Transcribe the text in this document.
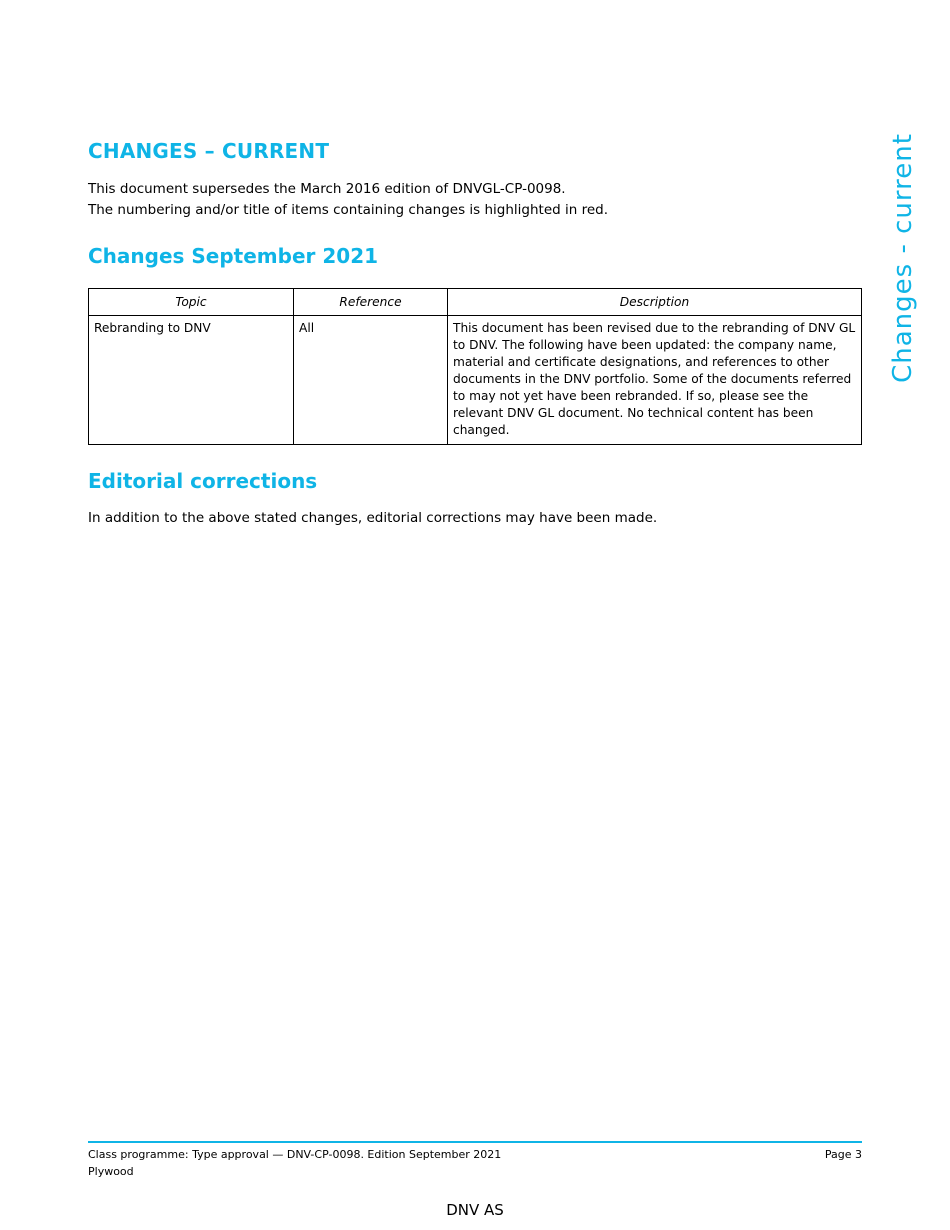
CHANGES – CURRENT
This document supersedes the March 2016 edition of DNVGL-CP-0098.
The numbering and/or title of items containing changes is highlighted in red.
Changes September 2021
Topic	Reference	Description
Rebranding to DNV	All	This document has been revised due to the rebranding of DNV GL to DNV. The following have been updated: the company name, material and certificate designations, and references to other documents in the DNV portfolio. Some of the documents referred to may not yet have been rebranded. If so, please see the relevant DNV GL document. No technical content has been changed.
Editorial corrections
In addition to the above stated changes, editorial corrections may have been made.
Changes - current
Class programme: Type approval — DNV-CP-0098. Edition September 2021
Plywood
Page 3
DNV AS
